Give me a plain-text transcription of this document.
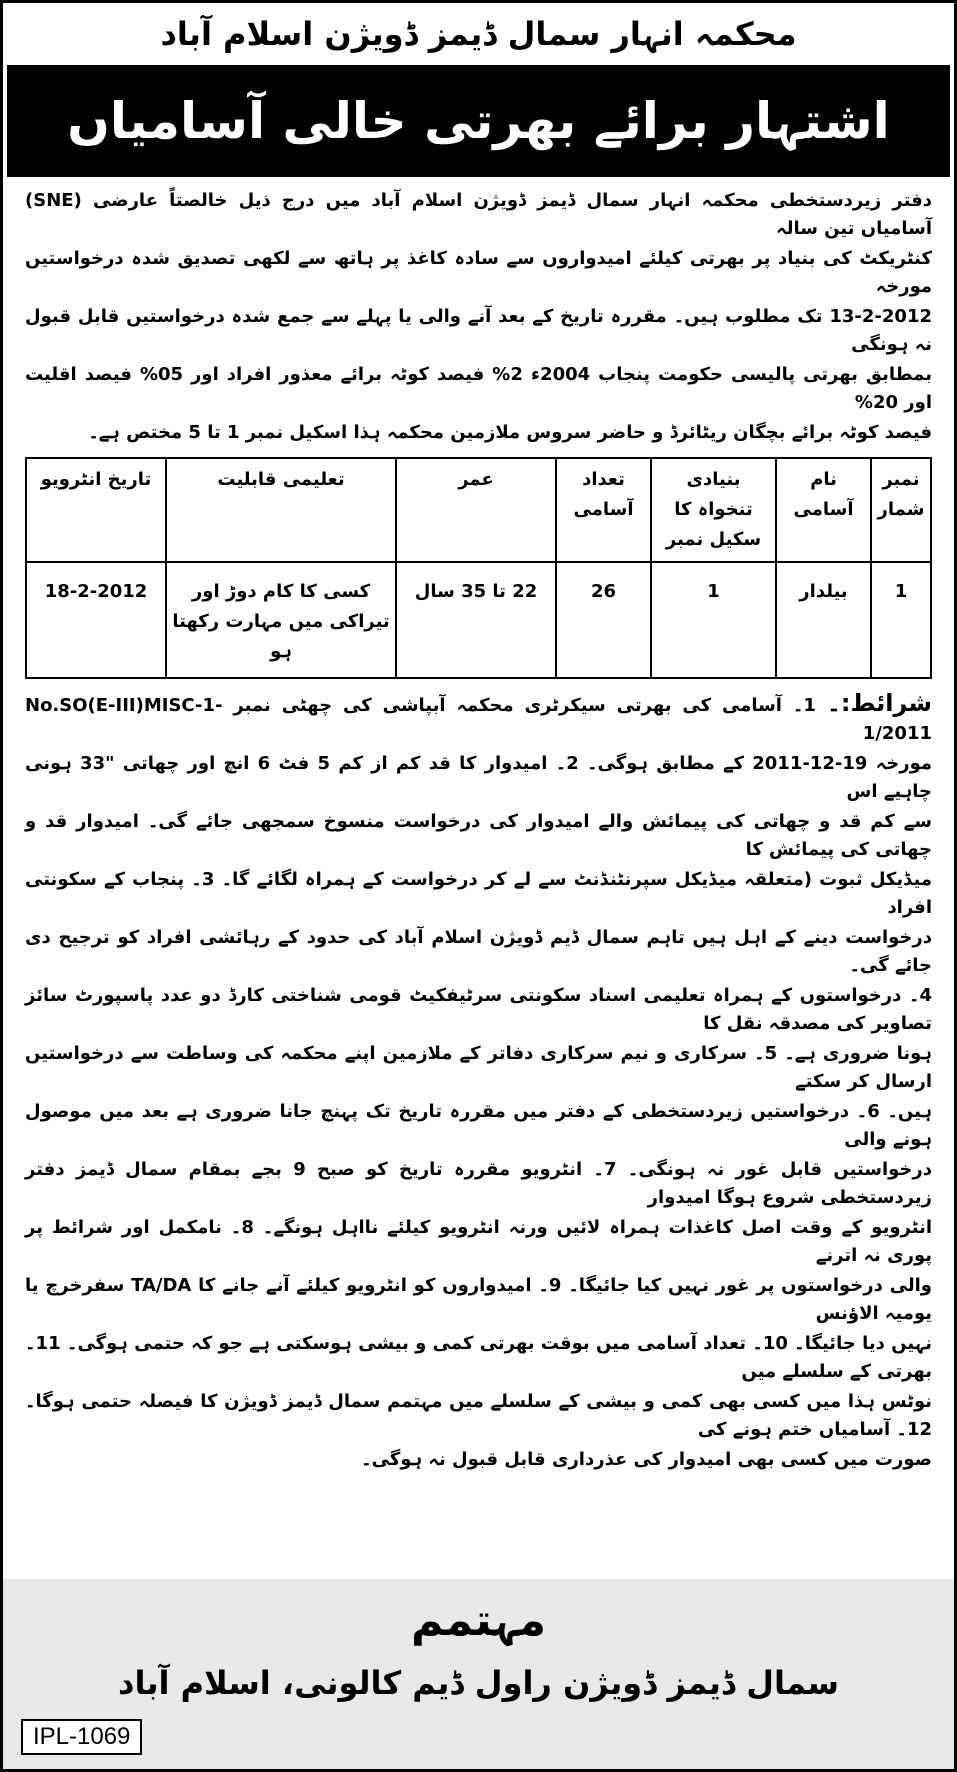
محکمہ انہار سمال ڈیمز ڈویژن اسلام آباد
اشتہار برائے بھرتی خالی آسامیاں

دفتر زیردستخطی محکمہ انہار سمال ڈیمز ڈویژن اسلام آباد میں درج ذیل خالصتاً عارضی (SNE) آسامیاں تین سالہ

کنٹریکٹ کی بنیاد پر بھرتی کیلئے امیدواروں سے سادہ کاغذ پر ہاتھ سے لکھی تصدیق شدہ درخواستیں مورخہ

13-2-2012 تک مطلوب ہیں۔ مقررہ تاریخ کے بعد آنے والی یا پہلے سے جمع شدہ درخواستیں قابل قبول نہ ہونگی

بمطابق بھرتی پالیسی حکومت پنجاب 2004ء 2% فیصد کوٹہ برائے معذور افراد اور 05% فیصد اقلیت اور 20%

فیصد کوٹہ برائے بچگان ریٹائرڈ و حاضر سروس ملازمین محکمہ ہذا اسکیل نمبر 1 تا 5 مختص ہے۔

نمبر شمار	نام آسامی	بنیادی تنخواہ کا سکیل نمبر	تعداد آسامی	عمر	تعلیمی قابلیت	تاریخ انٹرویو
1	بیلدار	1	26	22 تا 35 سال	کسی کا کام دوڑ اور تیراکی میں مہارت رکھتا ہو	18-2-2012
شرائط:۔ 1۔ آسامی کی بھرتی سیکرٹری محکمہ آبپاشی کی چھٹی نمبر No.SO(E-III)MISC-1-1/2011
مورخہ 19-12-2011 کے مطابق ہوگی۔ 2۔ امیدوار کا قد کم از کم 5 فٹ 6 انچ اور چھاتی "33 ہونی چاہیے اس
سے کم قد و چھاتی کی پیمائش والے امیدوار کی درخواست منسوخ سمجھی جائے گی۔ امیدوار قد و چھاتی کی پیمائش کا
میڈیکل ثبوت (متعلقہ میڈیکل سپرنٹنڈنٹ سے لے کر درخواست کے ہمراہ لگائے گا۔ 3۔ پنجاب کے سکونتی افراد
درخواست دینے کے اہل ہیں تاہم سمال ڈیم ڈویژن اسلام آباد کی حدود کے رہائشی افراد کو ترجیح دی جائے گی۔
4۔ درخواستوں کے ہمراہ تعلیمی اسناد سکونتی سرٹیفکیٹ قومی شناختی کارڈ دو عدد پاسپورٹ سائز تصاویر کی مصدقہ نقل کا
ہونا ضروری ہے۔ 5۔ سرکاری و نیم سرکاری دفاتر کے ملازمین اپنے محکمہ کی وساطت سے درخواستیں ارسال کر سکتے
ہیں۔ 6۔ درخواستیں زیردستخطی کے دفتر میں مقررہ تاریخ تک پہنچ جانا ضروری ہے بعد میں موصول ہونے والی
درخواستیں قابل غور نہ ہونگی۔ 7۔ انٹرویو مقررہ تاریخ کو صبح 9 بجے بمقام سمال ڈیمز دفتر زیردستخطی شروع ہوگا امیدوار
انٹرویو کے وقت اصل کاغذات ہمراہ لائیں ورنہ انٹرویو کیلئے نااہل ہونگے۔ 8۔ نامکمل اور شرائط پر پوری نہ اترنے
والی درخواستوں پر غور نہیں کیا جائیگا۔ 9۔ امیدواروں کو انٹرویو کیلئے آنے جانے کا TA/DA سفرخرچ یا یومیہ الاؤنس
نہیں دیا جائیگا۔ 10۔ تعداد آسامی میں بوقت بھرتی کمی و بیشی ہوسکتی ہے جو کہ حتمی ہوگی۔ 11۔ بھرتی کے سلسلے میں
نوٹس ہذا میں کسی بھی کمی و بیشی کے سلسلے میں مہتمم سمال ڈیمز ڈویژن کا فیصلہ حتمی ہوگا۔ 12۔ آسامیاں ختم ہونے کی
صورت میں کسی بھی امیدوار کی عذرداری قابل قبول نہ ہوگی۔
مہتمم
سمال ڈیمز ڈویژن راول ڈیم کالونی، اسلام آباد
IPL-1069
